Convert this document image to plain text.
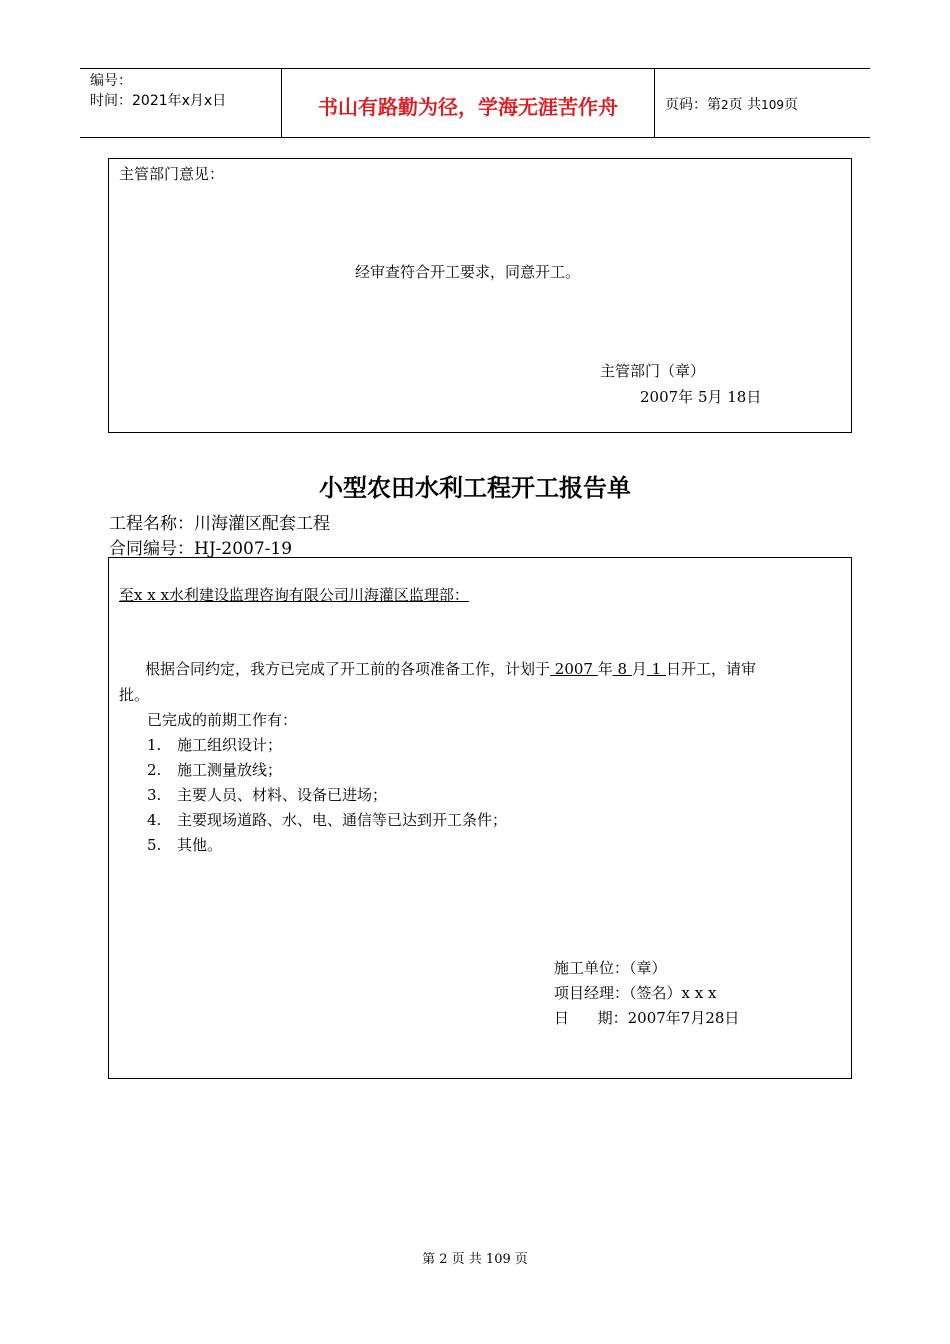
编号：
时间：2021年x月x日	书山有路勤为径，学海无涯苦作舟	页码：第2页 共109页
主管部门意见：
经审查符合开工要求，同意开工。
主管部门（章）
2007年 5月 18日
小型农田水利工程开工报告单
工程名称：川海灌区配套工程
合同编号：HJ-2007-19
至x x x水利建设监理咨询有限公司川海灌区监理部：
根据合同约定，我方已完成了开工前的各项准备工作，计划于 2007 年 8 月 1 日开工，请审
批。
已完成的前期工作有：
1. 施工组织设计；
2. 施工测量放线；
3. 主要人员、材料、设备已进场；
4. 主要现场道路、水、电、通信等已达到开工条件；
5. 其他。
施工单位：（章）
项目经理：（签名）x x x
日      期：2007年7月28日
第 2 页 共 109 页
